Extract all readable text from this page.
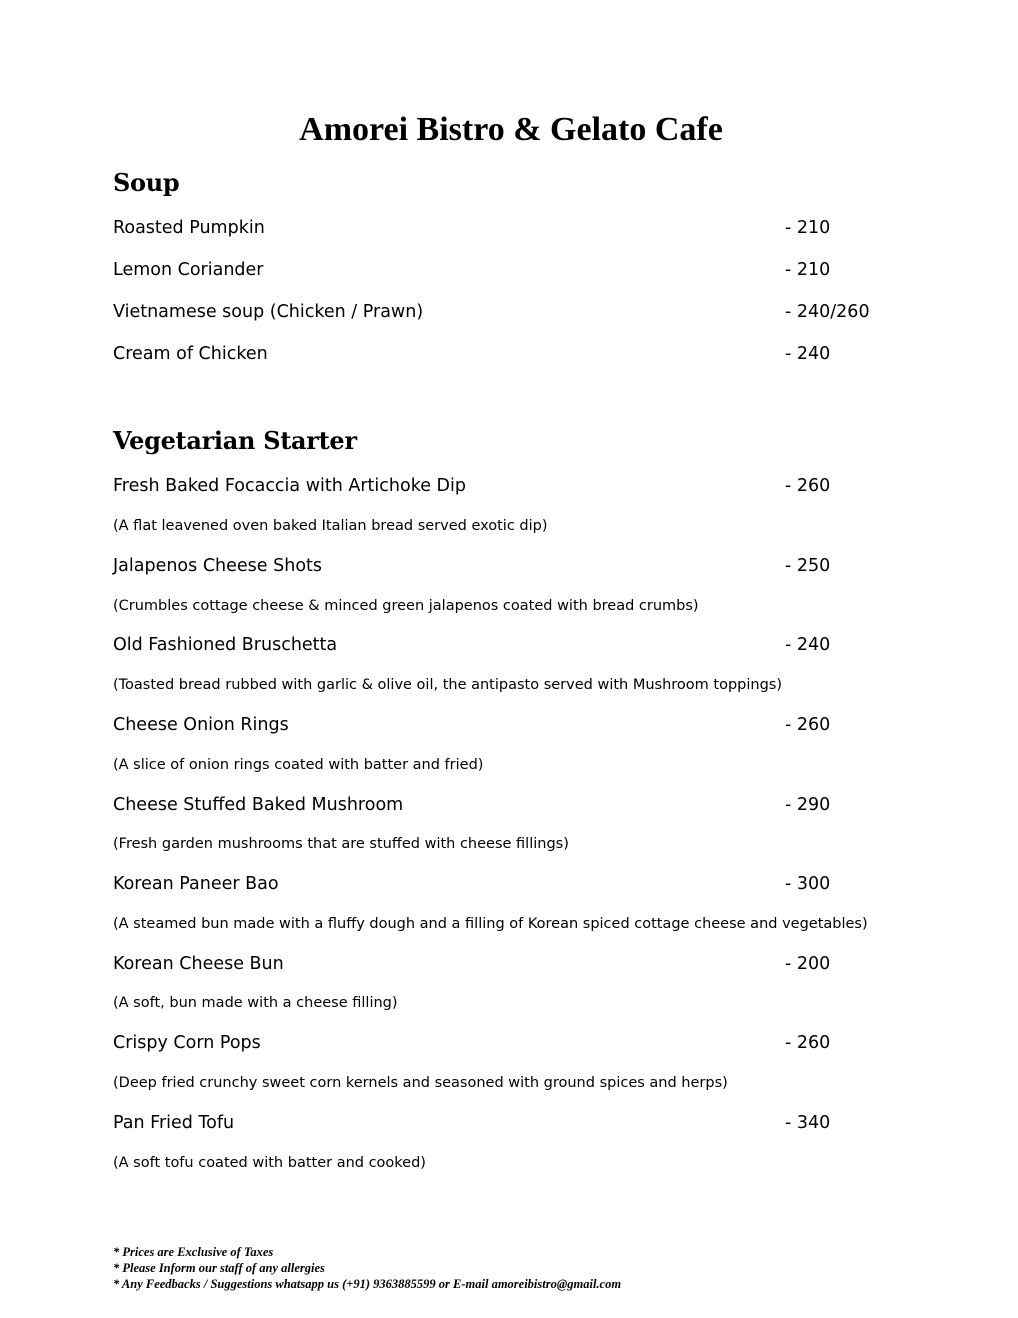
Amorei Bistro & Gelato Cafe
Soup
Roasted Pumpkin	- 210
Lemon Coriander	- 210
Vietnamese soup (Chicken / Prawn)	- 240/260
Cream of Chicken	- 240
Vegetarian Starter
Fresh Baked Focaccia with Artichoke Dip	- 260
(A flat leavened oven baked Italian bread served exotic dip)
Jalapenos Cheese Shots	- 250
(Crumbles cottage cheese & minced green jalapenos coated with bread crumbs)
Old Fashioned Bruschetta	- 240
(Toasted bread rubbed with garlic & olive oil, the antipasto served with Mushroom toppings)
Cheese Onion Rings	- 260
(A slice of onion rings coated with batter and fried)
Cheese Stuffed Baked Mushroom	- 290
(Fresh garden mushrooms that are stuffed with cheese fillings)
Korean Paneer Bao	- 300
(A steamed bun made with a fluffy dough and a filling of Korean spiced cottage cheese and vegetables)
Korean Cheese Bun	- 200
(A soft, bun made with a cheese filling)
Crispy Corn Pops	- 260
(Deep fried crunchy sweet corn kernels and seasoned with ground spices and herps)
Pan Fried Tofu	- 340
(A soft tofu coated with batter and cooked)
* Prices are Exclusive of Taxes
* Please Inform our staff of any allergies
* Any Feedbacks / Suggestions whatsapp us (+91) 9363885599 or E-mail amoreibistro@gmail.com
